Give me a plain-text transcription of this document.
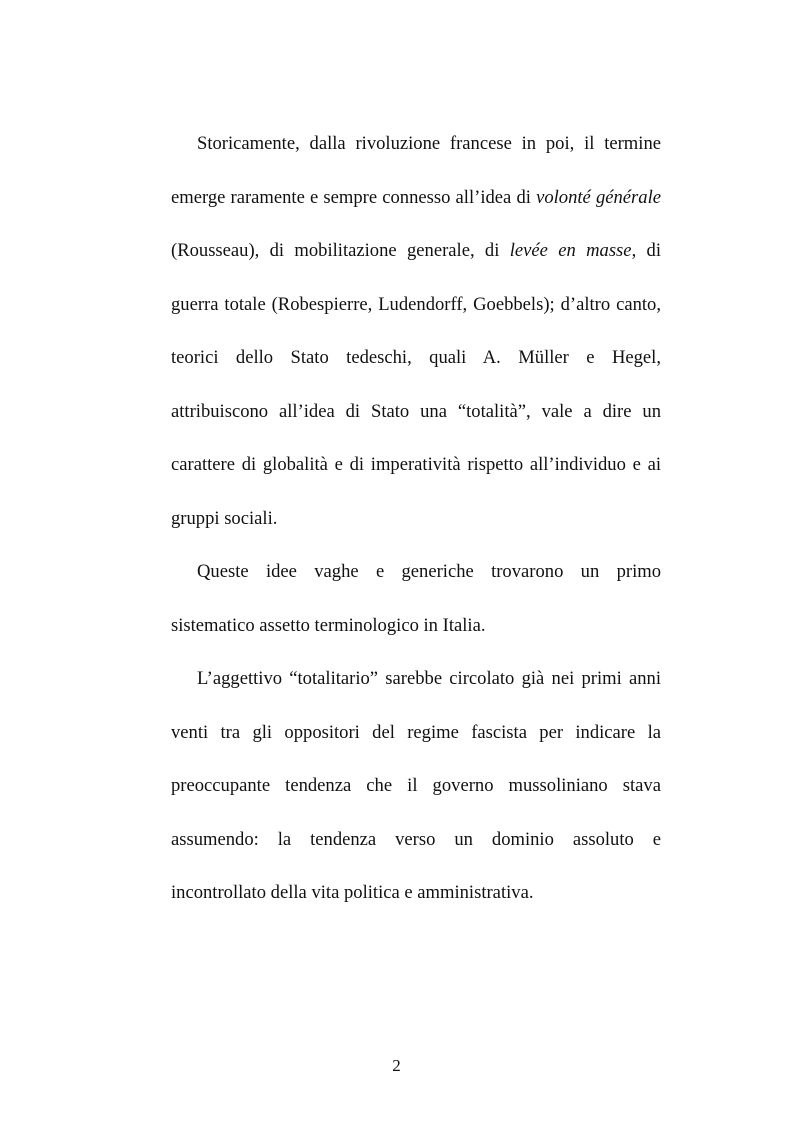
Storicamente, dalla rivoluzione francese in poi, il termine
emerge raramente e sempre connesso all’idea di volonté générale
(Rousseau), di mobilitazione generale, di levée en masse, di
guerra totale (Robespierre, Ludendorff, Goebbels); d’altro canto,
teorici dello Stato tedeschi, quali A. Müller e Hegel,
attribuiscono all’idea di Stato una “totalità”, vale a dire un
carattere di globalità e di imperatività rispetto all’individuo e ai
gruppi sociali.
Queste idee vaghe e generiche trovarono un primo
sistematico assetto terminologico in Italia.
L’aggettivo “totalitario” sarebbe circolato già nei primi anni
venti tra gli oppositori del regime fascista per indicare la
preoccupante tendenza che il governo mussoliniano stava
assumendo: la tendenza verso un dominio assoluto e
incontrollato della vita politica e amministrativa.
2
